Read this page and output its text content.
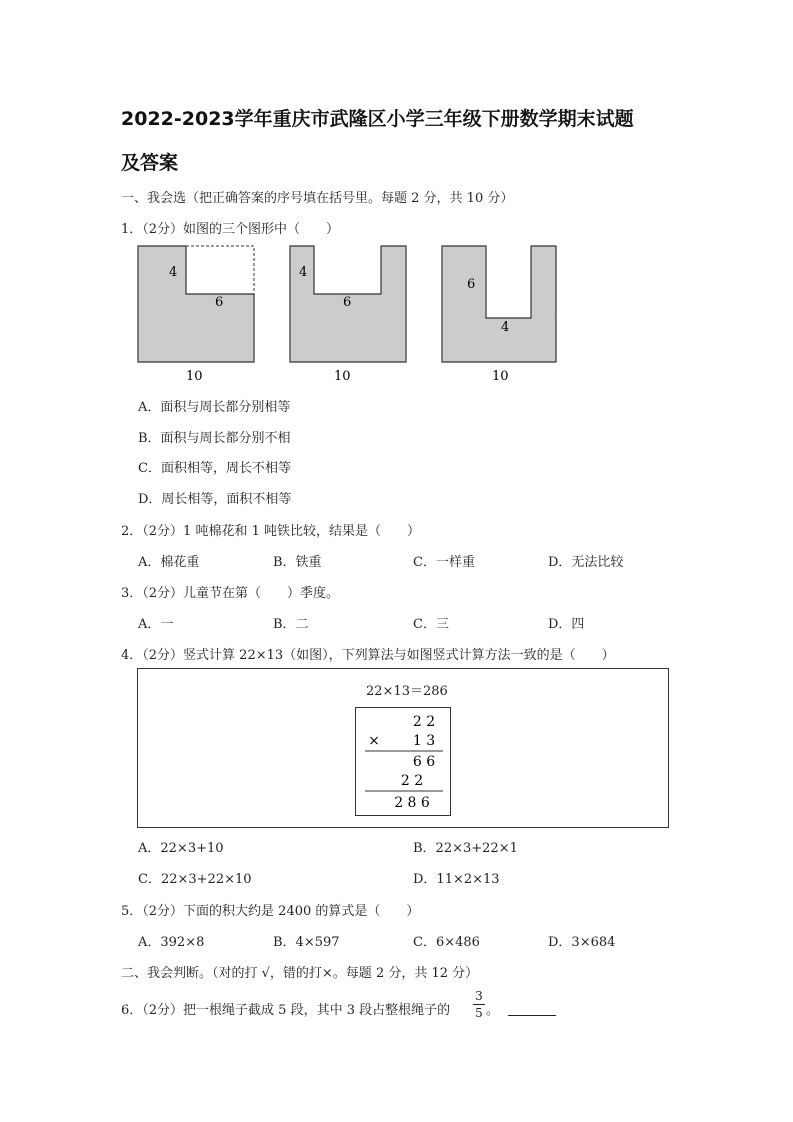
2022-2023学年重庆市武隆区小学三年级下册数学期末试题
及答案
一、我会选（把正确答案的序号填在括号里。每题 2 分，共 10 分）
1．（2分）如图的三个图形中（　　）
4
6
10
4
6
10
6
4
10
A．面积与周长都分别相等
B．面积与周长都分别不相
C．面积相等，周长不相等
D．周长相等，面积不相等
2．（2分）1 吨棉花和 1 吨铁比较，结果是（　　）
A．棉花重	B．铁重	C．一样重	D．无法比较
3．（2分）儿童节在第（　　）季度。
A．一	B．二	C．三	D．四
4．（2分）竖式计算 22×13（如图），下列算法与如图竖式计算方法一致的是（　　）
22×13＝286
2 2
× 1 3
6 6
2 2
2 8 6
A．22×3+10	B．22×3+22×1
C．22×3+22×10	D．11×2×13
5．（2分）下面的积大约是 2400 的算式是（　　）
A．392×8	B．4×597	C．6×486	D．3×684
二、我会判断。（对的打 √，错的打×。每题 2 分，共 12 分）
6．（2分）把一根绳子截成 5 段，其中 3 段占整根绳子的
3
5 。
